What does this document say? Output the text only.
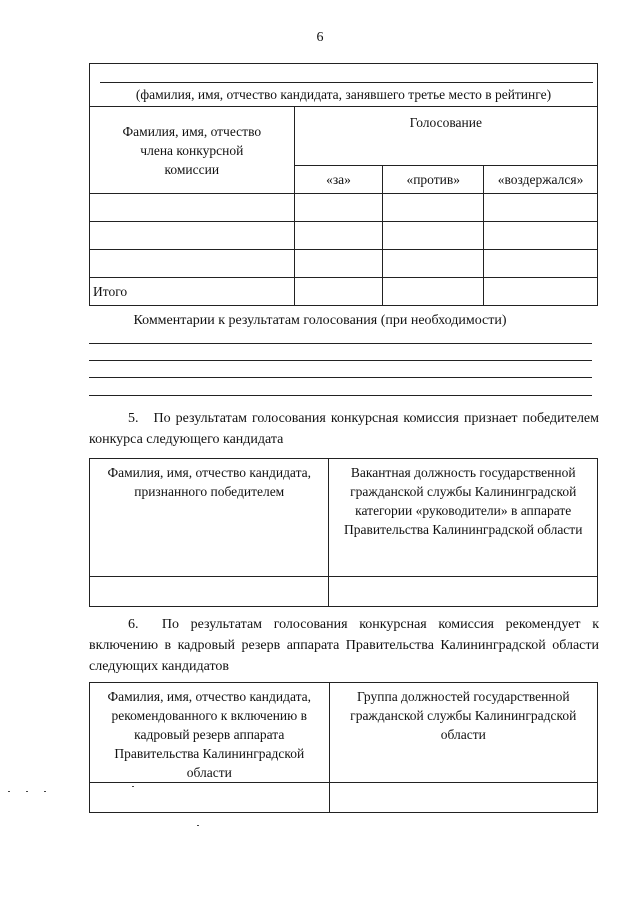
6
(фамилия, имя, отчество кандидата, занявшего третье место в рейтинге)			

Фамилия, имя, отчество члена конкурсной комиссии	Голосование		
	«за»	«против»	«воздержался»

Итого			
Комментарии к результатам голосования (при необходимости)
5. По результатам голосования конкурсная комиссия признает победителем конкурса следующего кандидата
Фамилия, имя, отчество кандидата, признанного победителем	Вакантная должность государственной гражданской службы Калининградской категории «руководители» в аппарате Правительства Калининградской области

6. По результатам голосования конкурсная комиссия рекомендует к включению в кадровый резерв аппарата Правительства Калининградской области следующих кандидатов
Фамилия, имя, отчество кандидата, рекомендованного к включению в кадровый резерв аппарата Правительства Калининградской области	Группа должностей государственной гражданской службы Калининградской области
